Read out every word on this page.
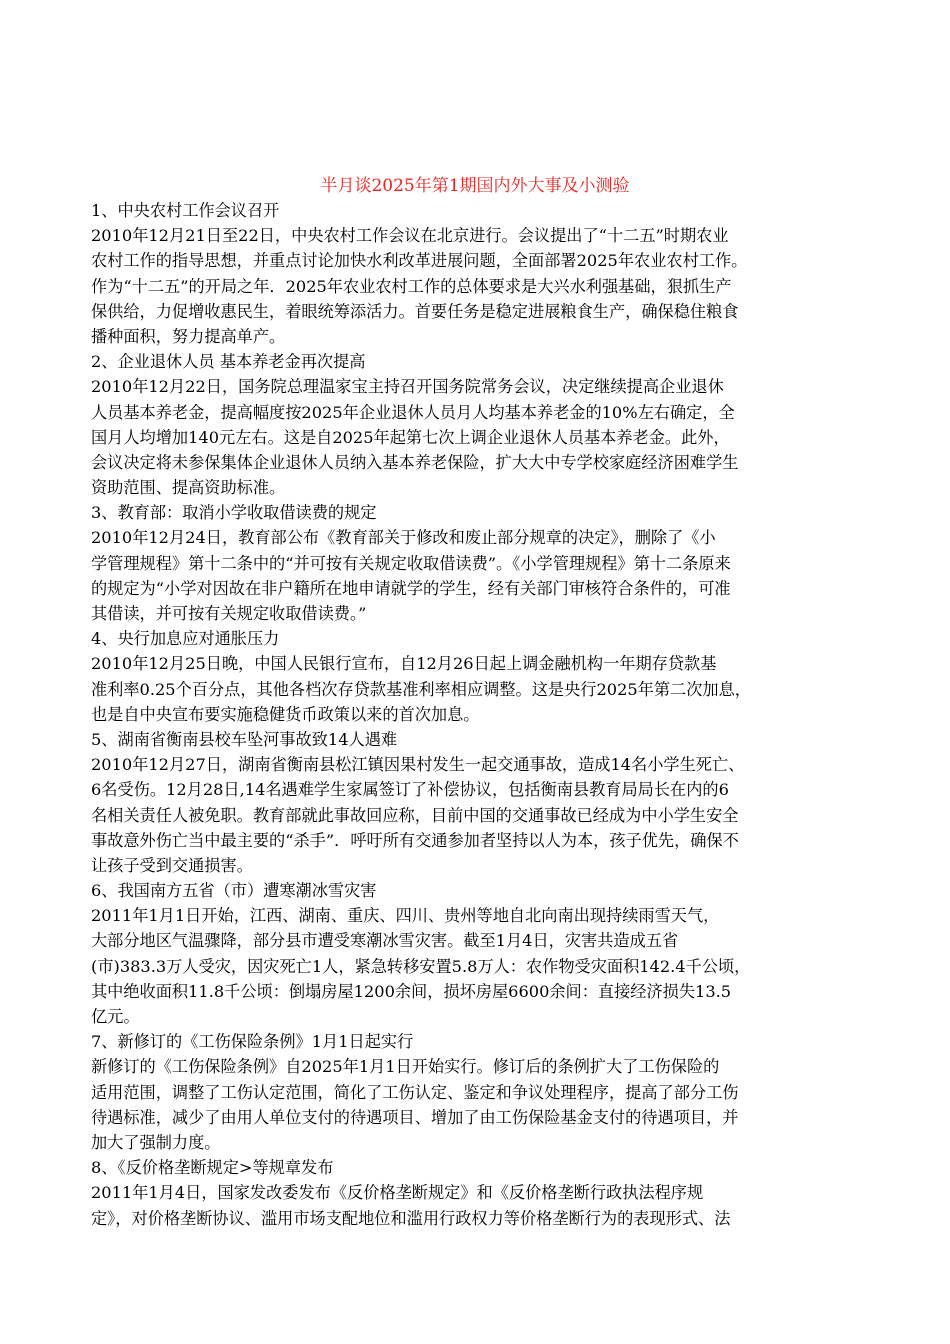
半月谈2025年第1期国内外大事及小测验
1、中央农村工作会议召开
2010年12月21日至22日，中央农村工作会议在北京进行。会议提出了“十二五”时期农业
农村工作的指导思想，并重点讨论加快水利改革进展问题，全面部署2025年农业农村工作。
作为“十二五”的开局之年．2025年农业农村工作的总体要求是大兴水利强基础，狠抓生产
保供给，力促增收惠民生，着眼统筹添活力。首要任务是稳定进展粮食生产，确保稳住粮食
播种面积，努力提高单产。
2、企业退休人员 基本养老金再次提高
2010年12月22日，国务院总理温家宝主持召开国务院常务会议，决定继续提高企业退休
人员基本养老金，提高幅度按2025年企业退休人员月人均基本养老金的10%左右确定，全
国月人均增加140元左右。这是自2025年起第七次上调企业退休人员基本养老金。此外，
会议决定将未参保集体企业退休人员纳入基本养老保险，扩大大中专学校家庭经济困难学生
资助范围、提高资助标准。
3、教育部：取消小学收取借读费的规定
2010年12月24日，教育部公布《教育部关于修改和废止部分规章的决定》，删除了《小
学管理规程》第十二条中的“并可按有关规定收取借读费”。《小学管理规程》第十二条原来
的规定为“小学对因故在非户籍所在地申请就学的学生，经有关部门审核符合条件的，可准
其借读，并可按有关规定收取借读费。”
4、央行加息应对通胀压力
2010年12月25日晚，中国人民银行宣布，自12月26日起上调金融机构一年期存贷款基
准利率0.25个百分点，其他各档次存贷款基准利率相应调整。这是央行2025年第二次加息，
也是自中央宣布要实施稳健货币政策以来的首次加息。
5、湖南省衡南县校车坠河事故致14人遇难
2010年12月27日，湖南省衡南县松江镇因果村发生一起交通事故，造成14名小学生死亡、
6名受伤。12月28日,14名遇难学生家属签订了补偿协议，包括衡南县教育局局长在内的6
名相关责任人被免职。教育部就此事故回应称，目前中国的交通事故已经成为中小学生安全
事故意外伤亡当中最主要的“杀手”．呼吁所有交通参加者坚持以人为本，孩子优先，确保不
让孩子受到交通损害。
6、我国南方五省（市）遭寒潮冰雪灾害
2011年1月1日开始，江西、湖南、重庆、四川、贵州等地自北向南出现持续雨雪天气，
大部分地区气温骤降，部分县市遭受寒潮冰雪灾害。截至1月4日，灾害共造成五省
(市)383.3万人受灾，因灾死亡1人，紧急转移安置5.8万人：农作物受灾面积142.4千公顷，
其中绝收面积11.8千公顷：倒塌房屋1200余间，损坏房屋6600余间：直接经济损失13.5
亿元。
7、新修订的《工伤保险条例》1月1日起实行
新修订的《工伤保险条例》自2025年1月1日开始实行。修订后的条例扩大了工伤保险的
适用范围，调整了工伤认定范围，简化了工伤认定、鉴定和争议处理程序，提高了部分工伤
待遇标准，减少了由用人单位支付的待遇项目、增加了由工伤保险基金支付的待遇项目，并
加大了强制力度。
8、《反价格垄断规定>等规章发布
2011年1月4日，国家发改委发布《反价格垄断规定》和《反价格垄断行政执法程序规
定》，对价格垄断协议、滥用市场支配地位和滥用行政权力等价格垄断行为的表现形式、法
